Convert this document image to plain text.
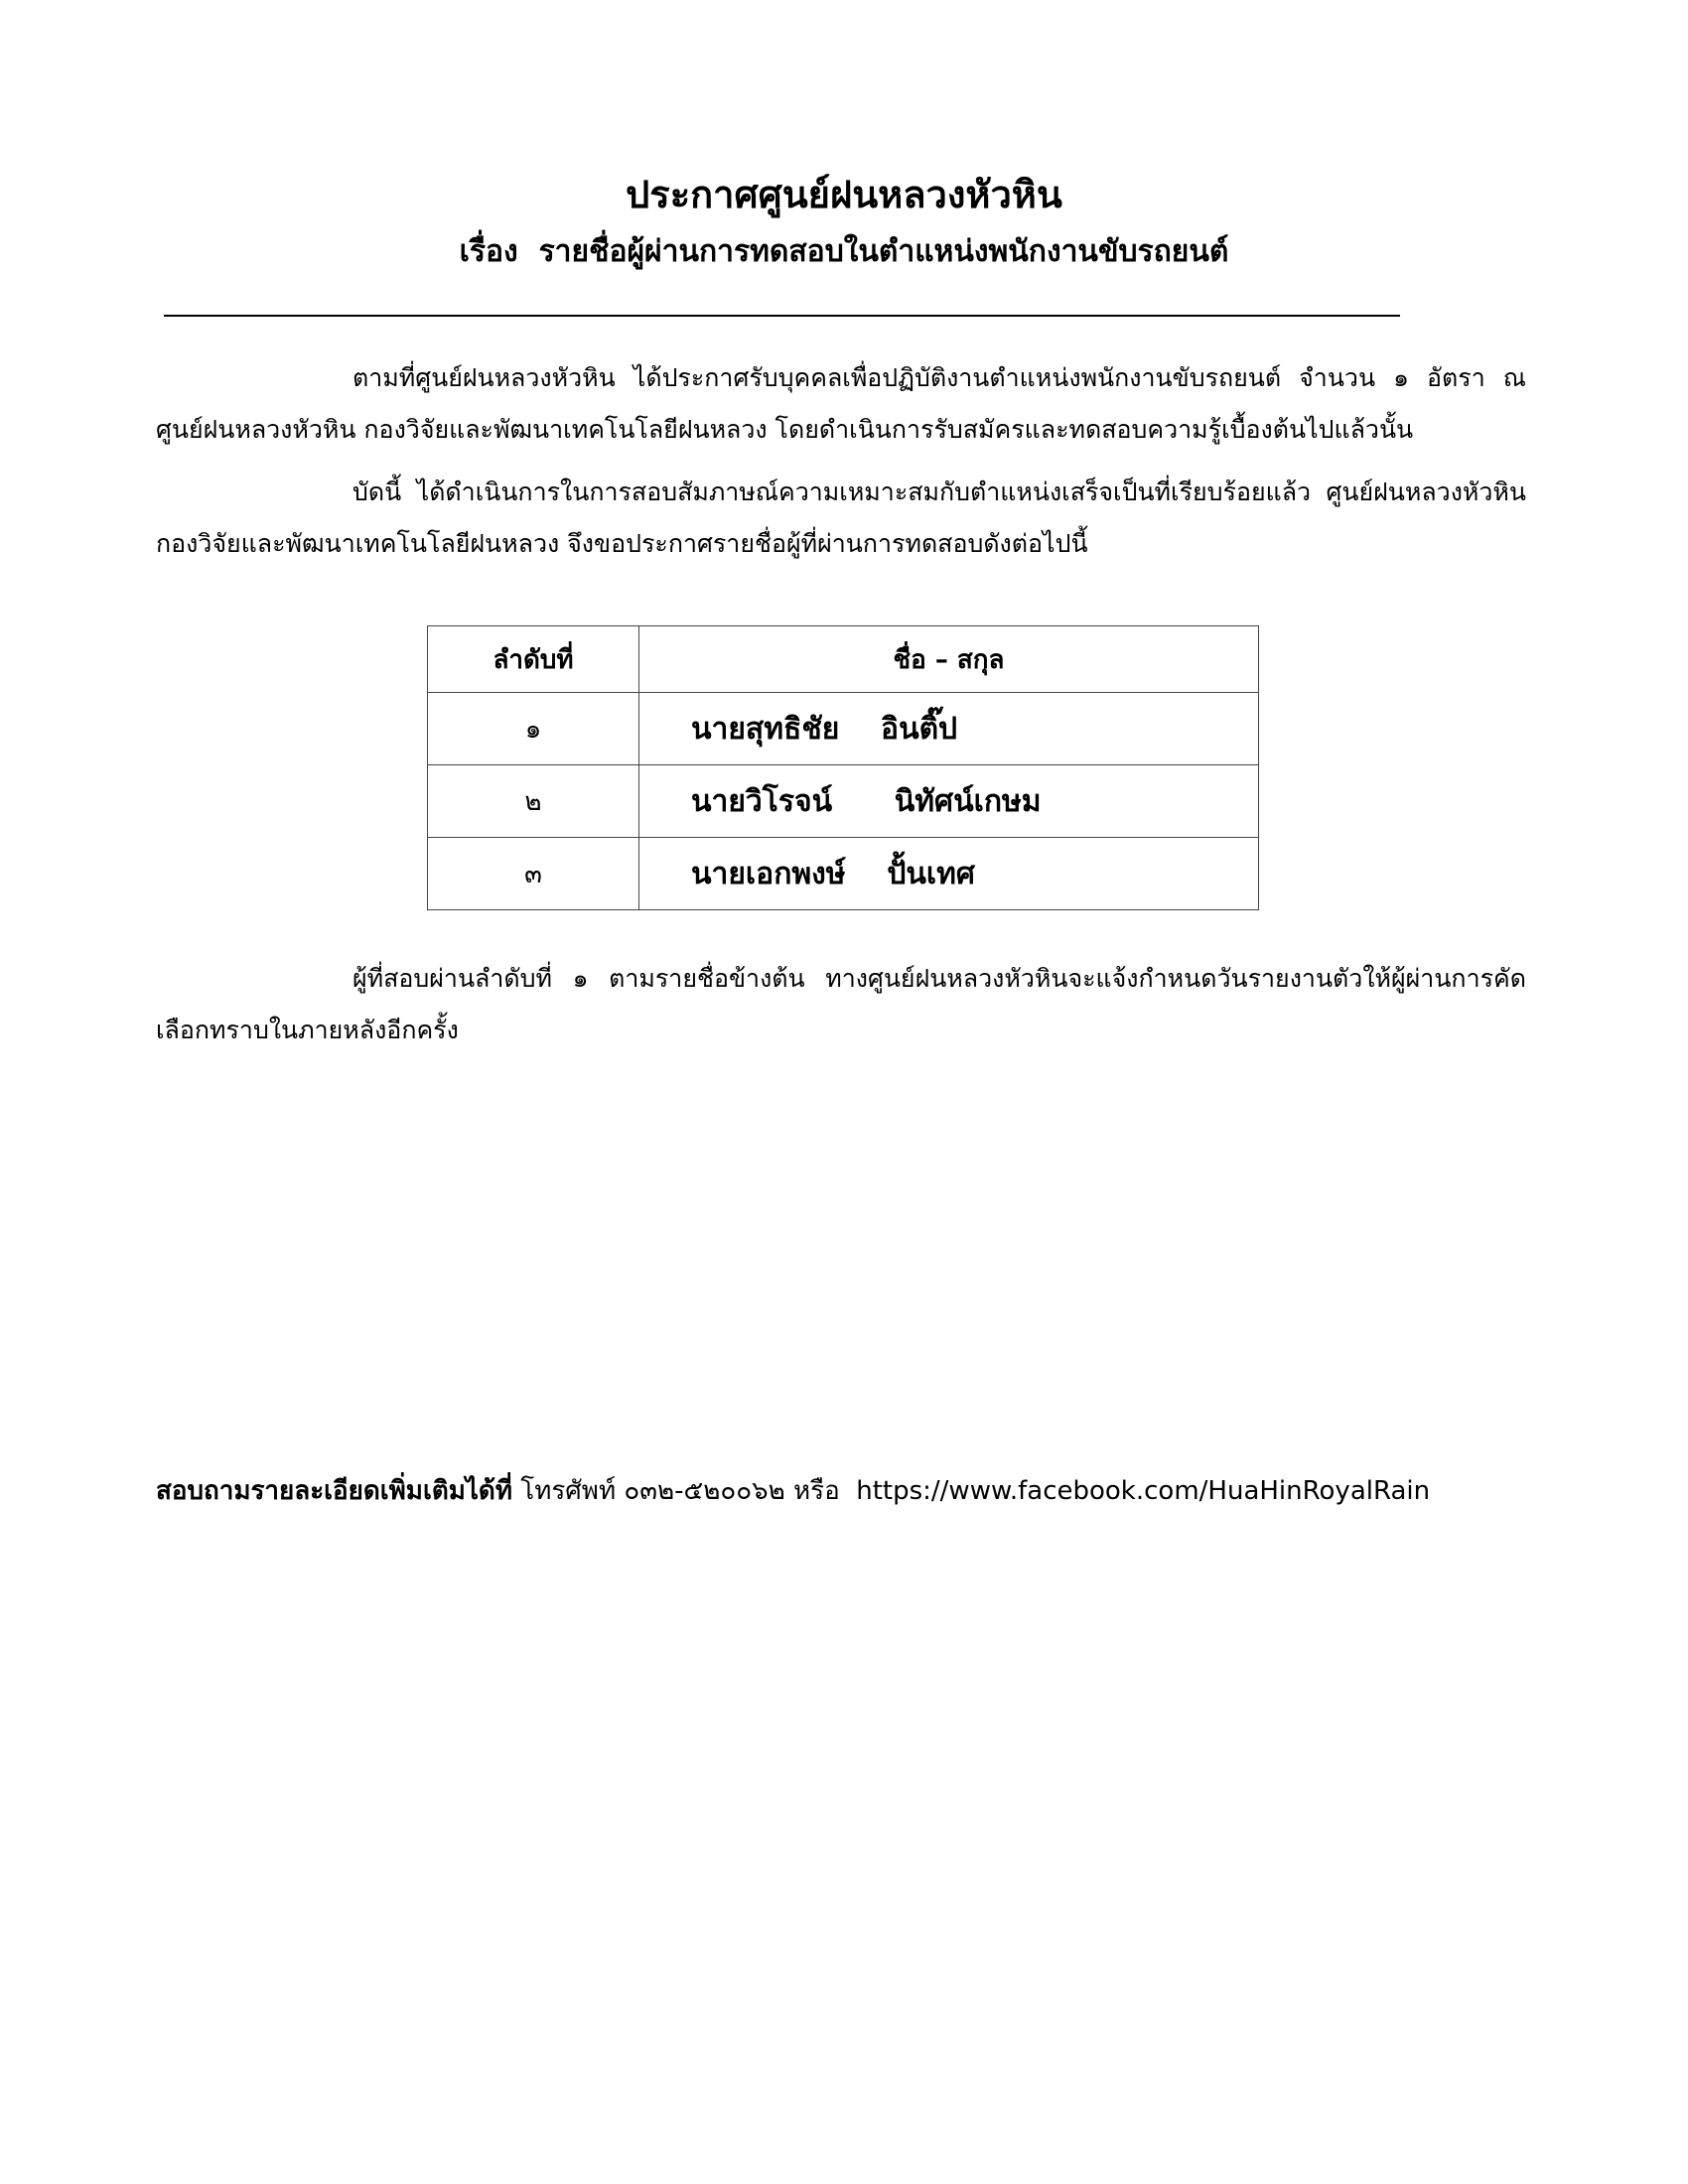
ประกาศศูนย์ฝนหลวงหัวหิน
เรื่อง  รายชื่อผู้ผ่านการทดสอบในตำแหน่งพนักงานขับรถยนต์
ตามที่ศูนย์ฝนหลวงหัวหิน ได้ประกาศรับบุคคลเพื่อปฏิบัติงานตำแหน่งพนักงานขับรถยนต์ จำนวน ๑ อัตรา ณ ศูนย์ฝนหลวงหัวหิน กองวิจัยและพัฒนาเทคโนโลยีฝนหลวง โดยดำเนินการรับสมัครและทดสอบความรู้เบื้องต้นไปแล้วนั้น
บัดนี้ ได้ดำเนินการในการสอบสัมภาษณ์ความเหมาะสมกับตำแหน่งเสร็จเป็นที่เรียบร้อยแล้ว ศูนย์ฝนหลวงหัวหิน กองวิจัยและพัฒนาเทคโนโลยีฝนหลวง จึงขอประกาศรายชื่อผู้ที่ผ่านการทดสอบดังต่อไปนี้
ลำดับที่	ชื่อ – สกุล
๑	นายสุทธิชัย    อินติ๊ป
๒	นายวิโรจน์      นิทัศน์เกษม
๓	นายเอกพงษ์    ปั้นเทศ
ผู้ที่สอบผ่านลำดับที่ ๑ ตามรายชื่อข้างต้น ทางศูนย์ฝนหลวงหัวหินจะแจ้งกำหนดวันรายงานตัวให้ผู้ผ่านการคัดเลือกทราบในภายหลังอีกครั้ง
สอบถามรายละเอียดเพิ่มเติมได้ที่ โทรศัพท์ ๐๓๒-๕๒๐๐๖๒ หรือ https://www.facebook.com/HuaHinRoyalRain
